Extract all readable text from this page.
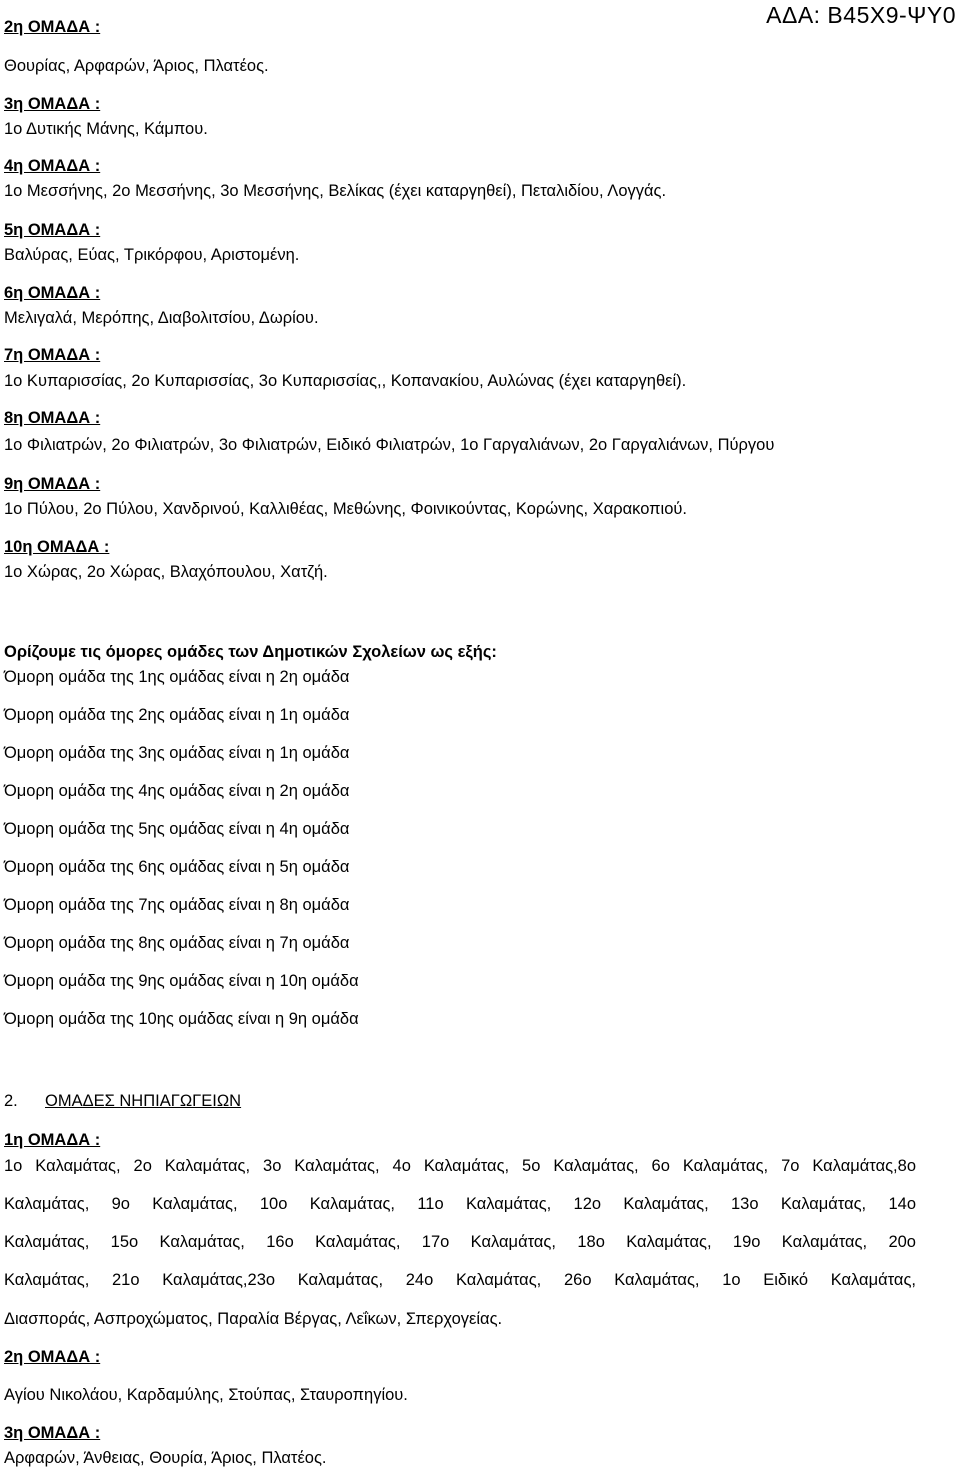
ΑΔΑ: Β45Χ9-ΨΥ0
2η ΟΜΑΔΑ :
Θουρίας, Αρφαρών, Άριος, Πλατέος.
3η ΟΜΑΔΑ :
1ο Δυτικής Μάνης, Κάμπου.
4η ΟΜΑΔΑ :
1ο Μεσσήνης, 2ο Μεσσήνης, 3ο Μεσσήνης, Βελίκας (έχει καταργηθεί), Πεταλιδίου, Λογγάς.
5η ΟΜΑΔΑ :
Βαλύρας, Εύας, Τρικόρφου, Αριστομένη.
6η ΟΜΑΔΑ :
Μελιγαλά, Μερόπης, Διαβολιτσίου, Δωρίου.
7η ΟΜΑΔΑ :
1ο Κυπαρισσίας, 2ο Κυπαρισσίας, 3ο Κυπαρισσίας,, Κοπανακίου, Αυλώνας (έχει καταργηθεί).
8η ΟΜΑΔΑ :
1ο Φιλιατρών, 2ο Φιλιατρών, 3ο Φιλιατρών, Ειδικό Φιλιατρών, 1ο Γαργαλιάνων, 2ο Γαργαλιάνων, Πύργου
9η ΟΜΑΔΑ :
1ο Πύλου, 2ο Πύλου, Χανδρινού, Καλλιθέας, Μεθώνης, Φοινικούντας, Κορώνης, Χαρακοπιού.
10η ΟΜΑΔΑ :
1ο Χώρας, 2ο Χώρας, Βλαχόπουλου, Χατζή.
Ορίζουμε τις όμορες ομάδες των Δημοτικών Σχολείων ως εξής:
Όμορη ομάδα της 1ης ομάδας είναι η 2η ομάδα
Όμορη ομάδα της 2ης ομάδας είναι η 1η ομάδα
Όμορη ομάδα της 3ης ομάδας είναι η 1η ομάδα
Όμορη ομάδα της 4ης ομάδας είναι η 2η ομάδα
Όμορη ομάδα της 5ης ομάδας είναι η 4η ομάδα
Όμορη ομάδα της 6ης ομάδας είναι η 5η ομάδα
Όμορη ομάδα της 7ης ομάδας είναι η 8η ομάδα
Όμορη ομάδα της 8ης ομάδας είναι η 7η ομάδα
Όμορη ομάδα της 9ης ομάδας είναι η 10η ομάδα
Όμορη ομάδα της 10ης ομάδας είναι η 9η ομάδα
2. ΟΜΑΔΕΣ ΝΗΠΙΑΓΩΓΕΙΩΝ
1η ΟΜΑΔΑ :
1ο Καλαμάτας, 2ο Καλαμάτας, 3ο Καλαμάτας, 4ο Καλαμάτας, 5ο Καλαμάτας, 6ο Καλαμάτας, 7ο Καλαμάτας,8ο
Καλαμάτας, 9ο Καλαμάτας, 10ο Καλαμάτας, 11ο Καλαμάτας, 12ο Καλαμάτας, 13ο Καλαμάτας, 14ο
Καλαμάτας, 15ο Καλαμάτας, 16ο Καλαμάτας, 17ο Καλαμάτας, 18ο Καλαμάτας, 19ο Καλαμάτας, 20ο
Καλαμάτας, 21ο Καλαμάτας,23ο Καλαμάτας, 24ο Καλαμάτας, 26ο Καλαμάτας, 1ο Ειδικό Καλαμάτας,
Διασποράς, Ασπροχώματος, Παραλία Βέργας, Λεΐκων, Σπερχογείας.
2η ΟΜΑΔΑ :
Αγίου Νικολάου, Καρδαμύλης, Στούπας, Σταυροπηγίου.
3η ΟΜΑΔΑ :
Αρφαρών, Άνθειας, Θουρία, Άριος, Πλατέος.
